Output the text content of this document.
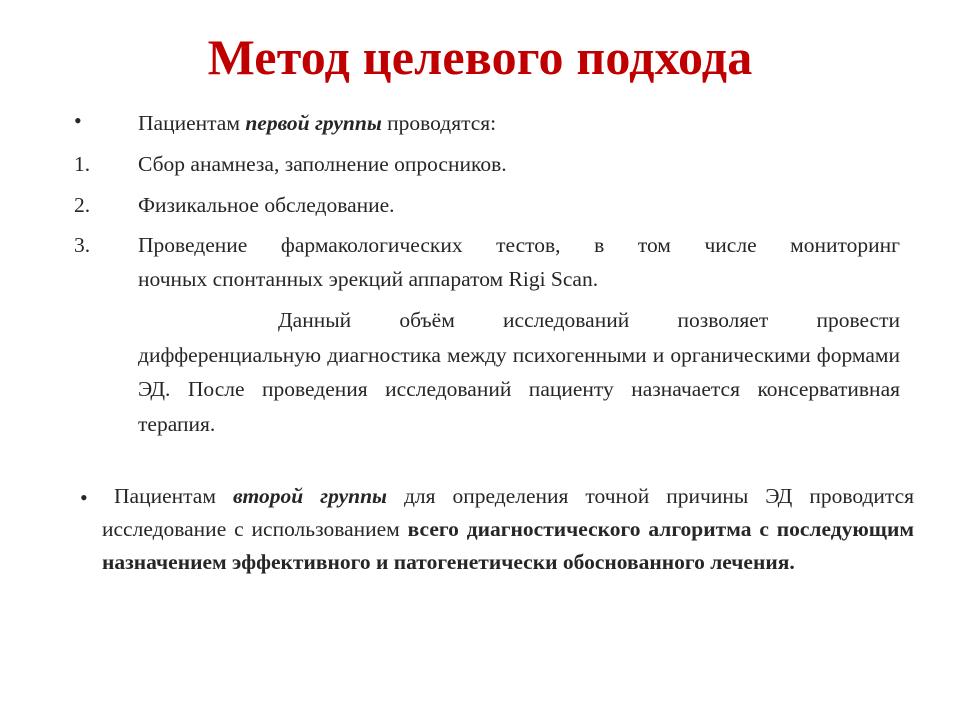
Метод целевого подхода
•	Пациентам первой группы проводятся:
1. Сбор анамнеза, заполнение опросников.
2. Физикальное обследование.
3. Проведение фармакологических тестов, в том числе мониторинг
ночных спонтанных эрекций аппаратом Rigi Scan.
Данный объём исследований позволяет провести дифференциальную диагностика между психогенными и органическими формами ЭД. После проведения исследований пациенту назначается консервативная терапия.
•	Пациентам второй группы для определения точной причины ЭД проводится исследование с использованием всего диагностического алгоритма с последующим назначением эффективного и патогенетически обоснованного лечения.
